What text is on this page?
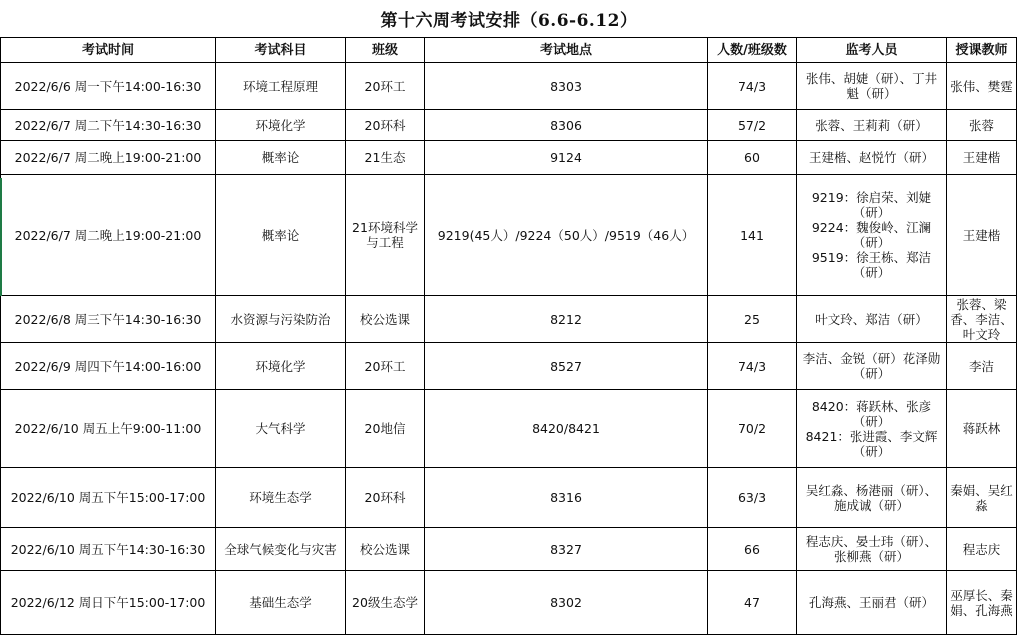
第十六周考试安排（6.6-6.12）
考试时间	考试科目	班级	考试地点	人数/班级数	监考人员	授课教师
2022/6/6 周一下午14:00-16:30	环境工程原理	20环工	8303	74/3	张伟、胡婕（研）、丁井魁（研）	张伟、樊霆
2022/6/7 周二下午14:30-16:30	环境化学	20环科	8306	57/2	张蓉、王莉莉（研）	张蓉
2022/6/7 周二晚上19:00-21:00	概率论	21生态	9124	60	王建楷、赵悦竹（研）	王建楷
2022/6/7 周二晚上19:00-21:00	概率论	21环境科学与工程	9219(45人）/9224（50人）/9519（46人）	141	9219：徐启荣、刘婕（研）
9224：魏俊岭、江澜（研）
9519：徐王栋、郑洁（研）	王建楷
2022/6/8 周三下午14:30-16:30	水资源与污染防治	校公选课	8212	25	叶文玲、郑洁（研）	张蓉、梁香、李洁、叶文玲
2022/6/9 周四下午14:00-16:00	环境化学	20环工	8527	74/3	李洁、金锐（研）花泽勋（研）	李洁
2022/6/10 周五上午9:00-11:00	大气科学	20地信	8420/8421	70/2	8420：蒋跃林、张彦（研）
8421：张进霞、李文辉（研）	蒋跃林
2022/6/10 周五下午15:00-17:00	环境生态学	20环科	8316	63/3	吴红淼、杨港丽（研）、施成诚（研）	秦娟、吴红淼
2022/6/10 周五下午14:30-16:30	全球气候变化与灾害	校公选课	8327	66	程志庆、晏士玮（研）、张柳燕（研）	程志庆
2022/6/12 周日下午15:00-17:00	基础生态学	20级生态学	8302	47	孔海燕、王丽君（研）	巫厚长、秦娟、孔海燕
